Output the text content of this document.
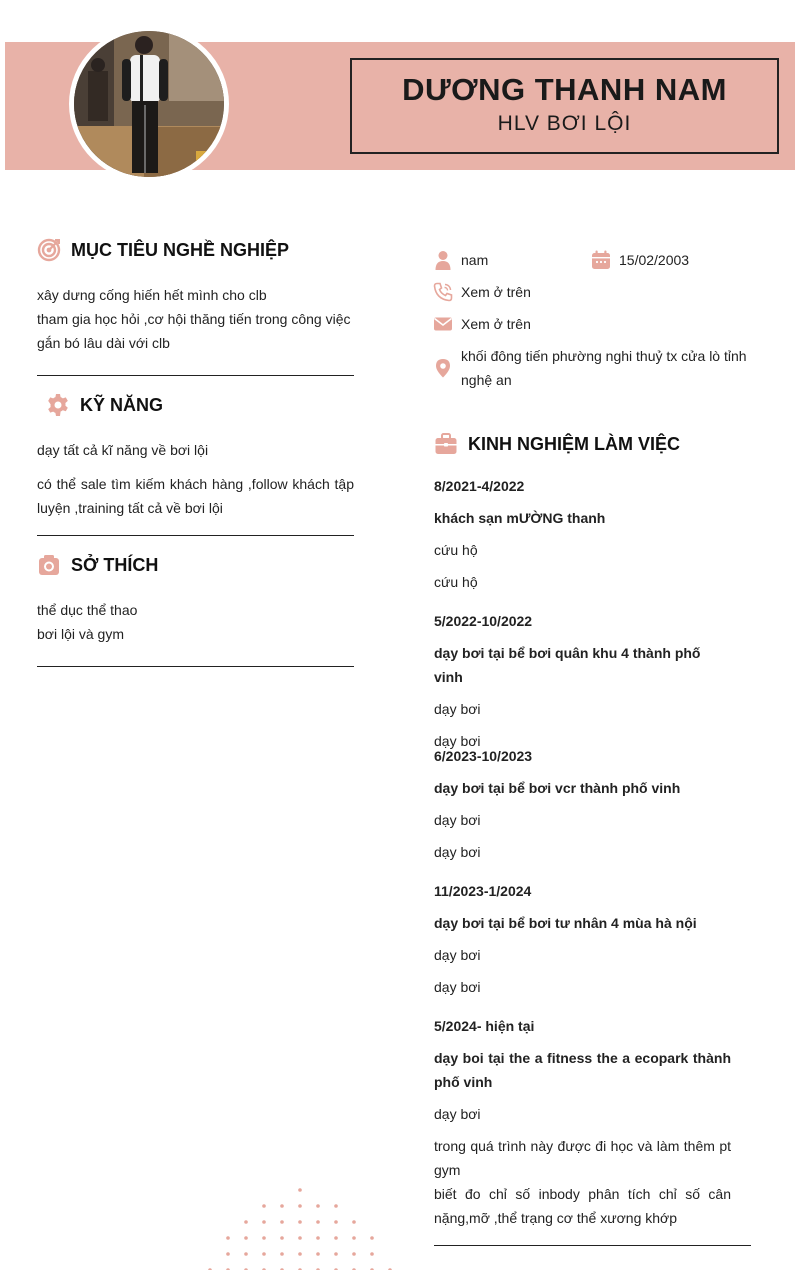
DƯƠNG THANH NAM
HLV BƠI LỘI
MỤC TIÊU NGHỀ NGHIỆP
xây dưng cống hiến hết mình cho clb
tham gia học hỏi ,cơ hội thăng tiến trong công việc
gắn bó lâu dài với clb
KỸ NĂNG
dạy tất cả kĩ năng về bơi lội
có thể sale tìm kiếm khách hàng ,follow khách tập luyện ,training tất cả về bơi lội
SỞ THÍCH
thể dục thể thao
bơi lội và gym
nam	15/02/2003
Xem ở trên
Xem ở trên
khối đông tiến phường nghi thuỷ tx cửa lò tỉnh nghệ an
KINH NGHIỆM LÀM VIỆC
8/2021-4/2022
khách sạn mƯỜNG thanh
cứu hộ
cứu hộ
5/2022-10/2022
dạy bơi tại bể bơi quân khu 4 thành phố vinh
dạy bơi
dạy bơi
6/2023-10/2023
dạy bơi tại bể bơi vcr thành phố vinh
dạy bơi
dạy bơi
11/2023-1/2024
dạy bơi tại bể bơi tư nhân 4 mùa hà nội
dạy bơi
dạy bơi
5/2024- hiện tại
dạy boi tại the a fitness the a ecopark thành phố vinh
dạy bơi
trong quá trình này được đi học và làm thêm pt gym
biết đo chỉ số inbody phân tích chỉ số cân nặng,mỡ ,thể trạng cơ thể xương khớp
